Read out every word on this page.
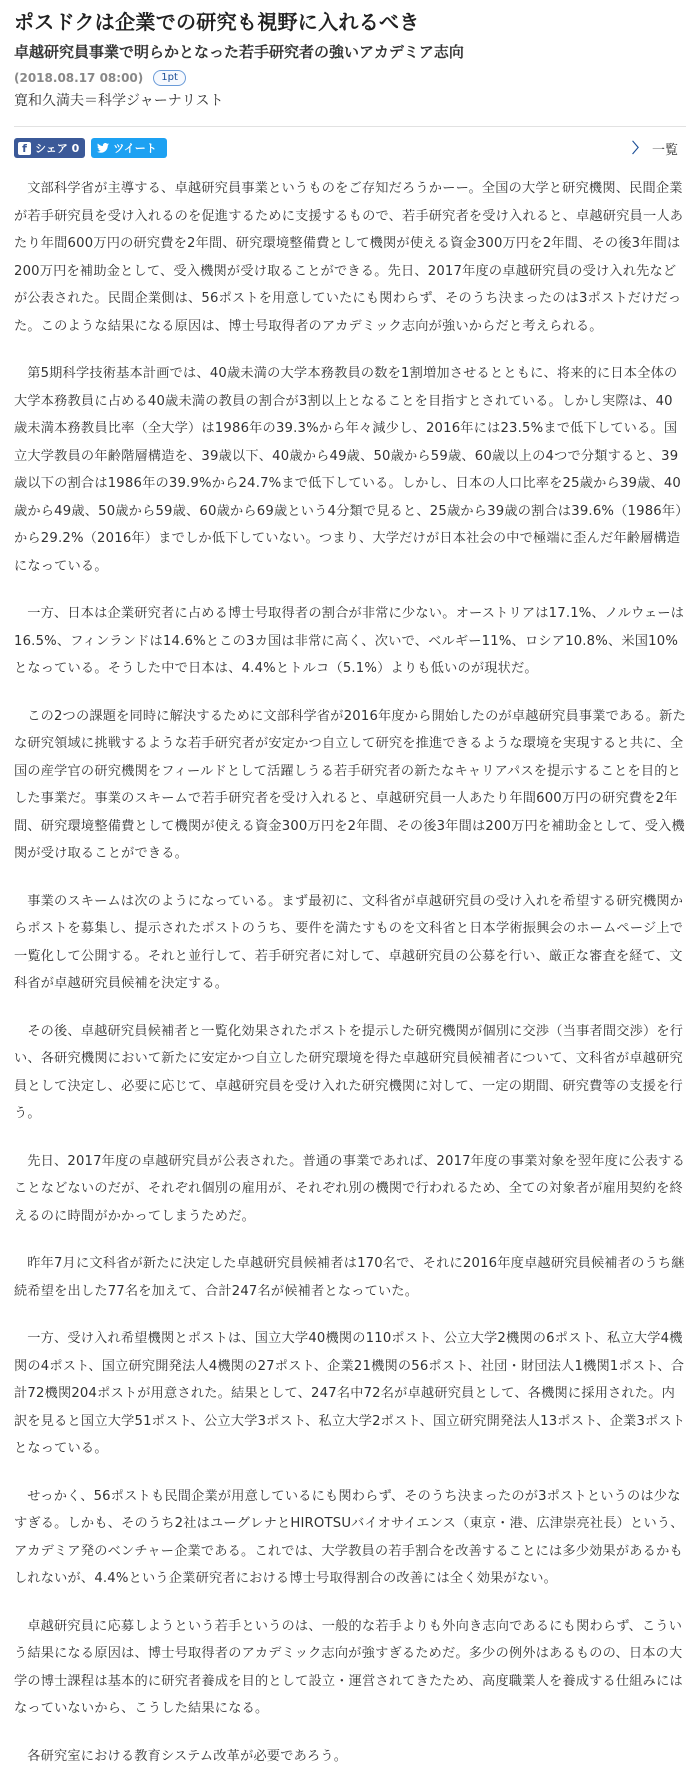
ポスドクは企業での研究も視野に入れるべき
卓越研究員事業で明らかとなった若手研究者の強いアカデミア志向
(2018.08.17 08:00)	1pt
寛和久満夫＝科学ジャーナリスト
f シェア 0	ツイート	〉 一覧

文部科学省が主導する、卓越研究員事業というものをご存知だろうかーー。全国の大学と研究機関、民間企業が若手研究員を受け入れるのを促進するために支援するもので、若手研究者を受け入れると、卓越研究員一人あたり年間600万円の研究費を2年間、研究環境整備費として機関が使える資金300万円を2年間、その後3年間は200万円を補助金として、受入機関が受け取ることができる。先日、2017年度の卓越研究員の受け入れ先などが公表された。民間企業側は、56ポストを用意していたにも関わらず、そのうち決まったのは3ポストだけだった。このような結果になる原因は、博士号取得者のアカデミック志向が強いからだと考えられる。

第5期科学技術基本計画では、40歳未満の大学本務教員の数を1割増加させるとともに、将来的に日本全体の大学本務教員に占める40歳未満の教員の割合が3割以上となることを目指すとされている。しかし実際は、40歳未満本務教員比率（全大学）は1986年の39.3%から年々減少し、2016年には23.5%まで低下している。国立大学教員の年齢階層構造を、39歳以下、40歳から49歳、50歳から59歳、60歳以上の4つで分類すると、39歳以下の割合は1986年の39.9%から24.7%まで低下している。しかし、日本の人口比率を25歳から39歳、40歳から49歳、50歳から59歳、60歳から69歳という4分類で見ると、25歳から39歳の割合は39.6%（1986年）から29.2%（2016年）までしか低下していない。つまり、大学だけが日本社会の中で極端に歪んだ年齢層構造になっている。

一方、日本は企業研究者に占める博士号取得者の割合が非常に少ない。オーストリアは17.1%、ノルウェーは16.5%、フィンランドは14.6%とこの3カ国は非常に高く、次いで、ベルギー11%、ロシア10.8%、米国10%となっている。そうした中で日本は、4.4%とトルコ（5.1%）よりも低いのが現状だ。

この2つの課題を同時に解決するために文部科学省が2016年度から開始したのが卓越研究員事業である。新たな研究領域に挑戦するような若手研究者が安定かつ自立して研究を推進できるような環境を実現すると共に、全国の産学官の研究機関をフィールドとして活躍しうる若手研究者の新たなキャリアパスを提示することを目的とした事業だ。事業のスキームで若手研究者を受け入れると、卓越研究員一人あたり年間600万円の研究費を2年間、研究環境整備費として機関が使える資金300万円を2年間、その後3年間は200万円を補助金として、受入機関が受け取ることができる。

事業のスキームは次のようになっている。まず最初に、文科省が卓越研究員の受け入れを希望する研究機関からポストを募集し、提示されたポストのうち、要件を満たすものを文科省と日本学術振興会のホームページ上で一覧化して公開する。それと並行して、若手研究者に対して、卓越研究員の公募を行い、厳正な審査を経て、文科省が卓越研究員候補を決定する。

その後、卓越研究員候補者と一覧化効果されたポストを提示した研究機関が個別に交渉（当事者間交渉）を行い、各研究機関において新たに安定かつ自立した研究環境を得た卓越研究員候補者について、文科省が卓越研究員として決定し、必要に応じて、卓越研究員を受け入れた研究機関に対して、一定の期間、研究費等の支援を行う。

先日、2017年度の卓越研究員が公表された。普通の事業であれば、2017年度の事業対象を翌年度に公表することなどないのだが、それぞれ個別の雇用が、それぞれ別の機関で行われるため、全ての対象者が雇用契約を終えるのに時間がかかってしまうためだ。

昨年7月に文科省が新たに決定した卓越研究員候補者は170名で、それに2016年度卓越研究員候補者のうち継続希望を出した77名を加えて、合計247名が候補者となっていた。

一方、受け入れ希望機関とポストは、国立大学40機関の110ポスト、公立大学2機関の6ポスト、私立大学4機関の4ポスト、国立研究開発法人4機関の27ポスト、企業21機関の56ポスト、社団・財団法人1機関1ポスト、合計72機関204ポストが用意された。結果として、247名中72名が卓越研究員として、各機関に採用された。内訳を見ると国立大学51ポスト、公立大学3ポスト、私立大学2ポスト、国立研究開発法人13ポスト、企業3ポストとなっている。

せっかく、56ポストも民間企業が用意しているにも関わらず、そのうち決まったのが3ポストというのは少なすぎる。しかも、そのうち2社はユーグレナとHIROTSUバイオサイエンス（東京・港、広津崇亮社長）という、アカデミア発のベンチャー企業である。これでは、大学教員の若手割合を改善することには多少効果があるかもしれないが、4.4%という企業研究者における博士号取得割合の改善には全く効果がない。

卓越研究員に応募しようという若手というのは、一般的な若手よりも外向き志向であるにも関わらず、こういう結果になる原因は、博士号取得者のアカデミック志向が強すぎるためだ。多少の例外はあるものの、日本の大学の博士課程は基本的に研究者養成を目的として設立・運営されてきたため、高度職業人を養成する仕組みにはなっていないから、こうした結果になる。

各研究室における教育システム改革が必要であろう。
